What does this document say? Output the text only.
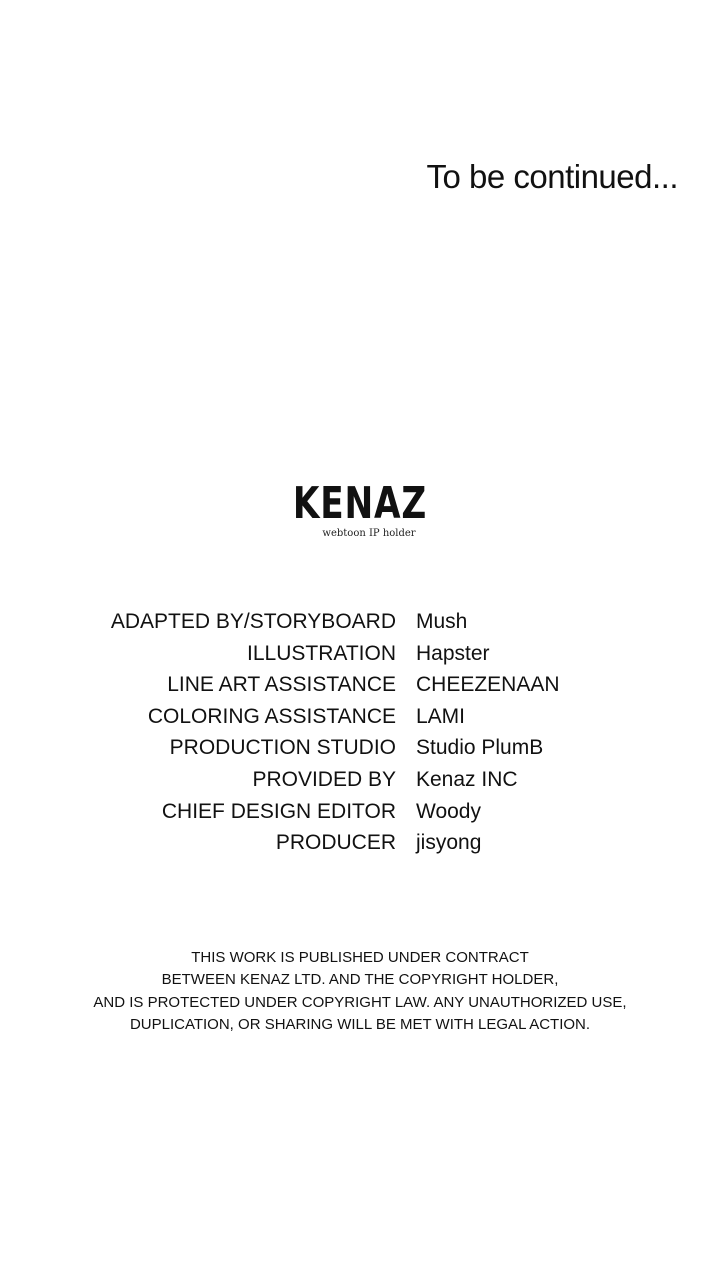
To be continued...
KENAZ
webtoon IP holder
ADAPTED BY/STORYBOARD Mush
ILLUSTRATION Hapster
LINE ART ASSISTANCE CHEEZENAAN
COLORING ASSISTANCE LAMI
PRODUCTION STUDIO Studio PlumB
PROVIDED BY Kenaz INC
CHIEF DESIGN EDITOR Woody
PRODUCER jisyong
THIS WORK IS PUBLISHED UNDER CONTRACT
BETWEEN KENAZ LTD. AND THE COPYRIGHT HOLDER,
AND IS PROTECTED UNDER COPYRIGHT LAW. ANY UNAUTHORIZED USE,
DUPLICATION, OR SHARING WILL BE MET WITH LEGAL ACTION.
